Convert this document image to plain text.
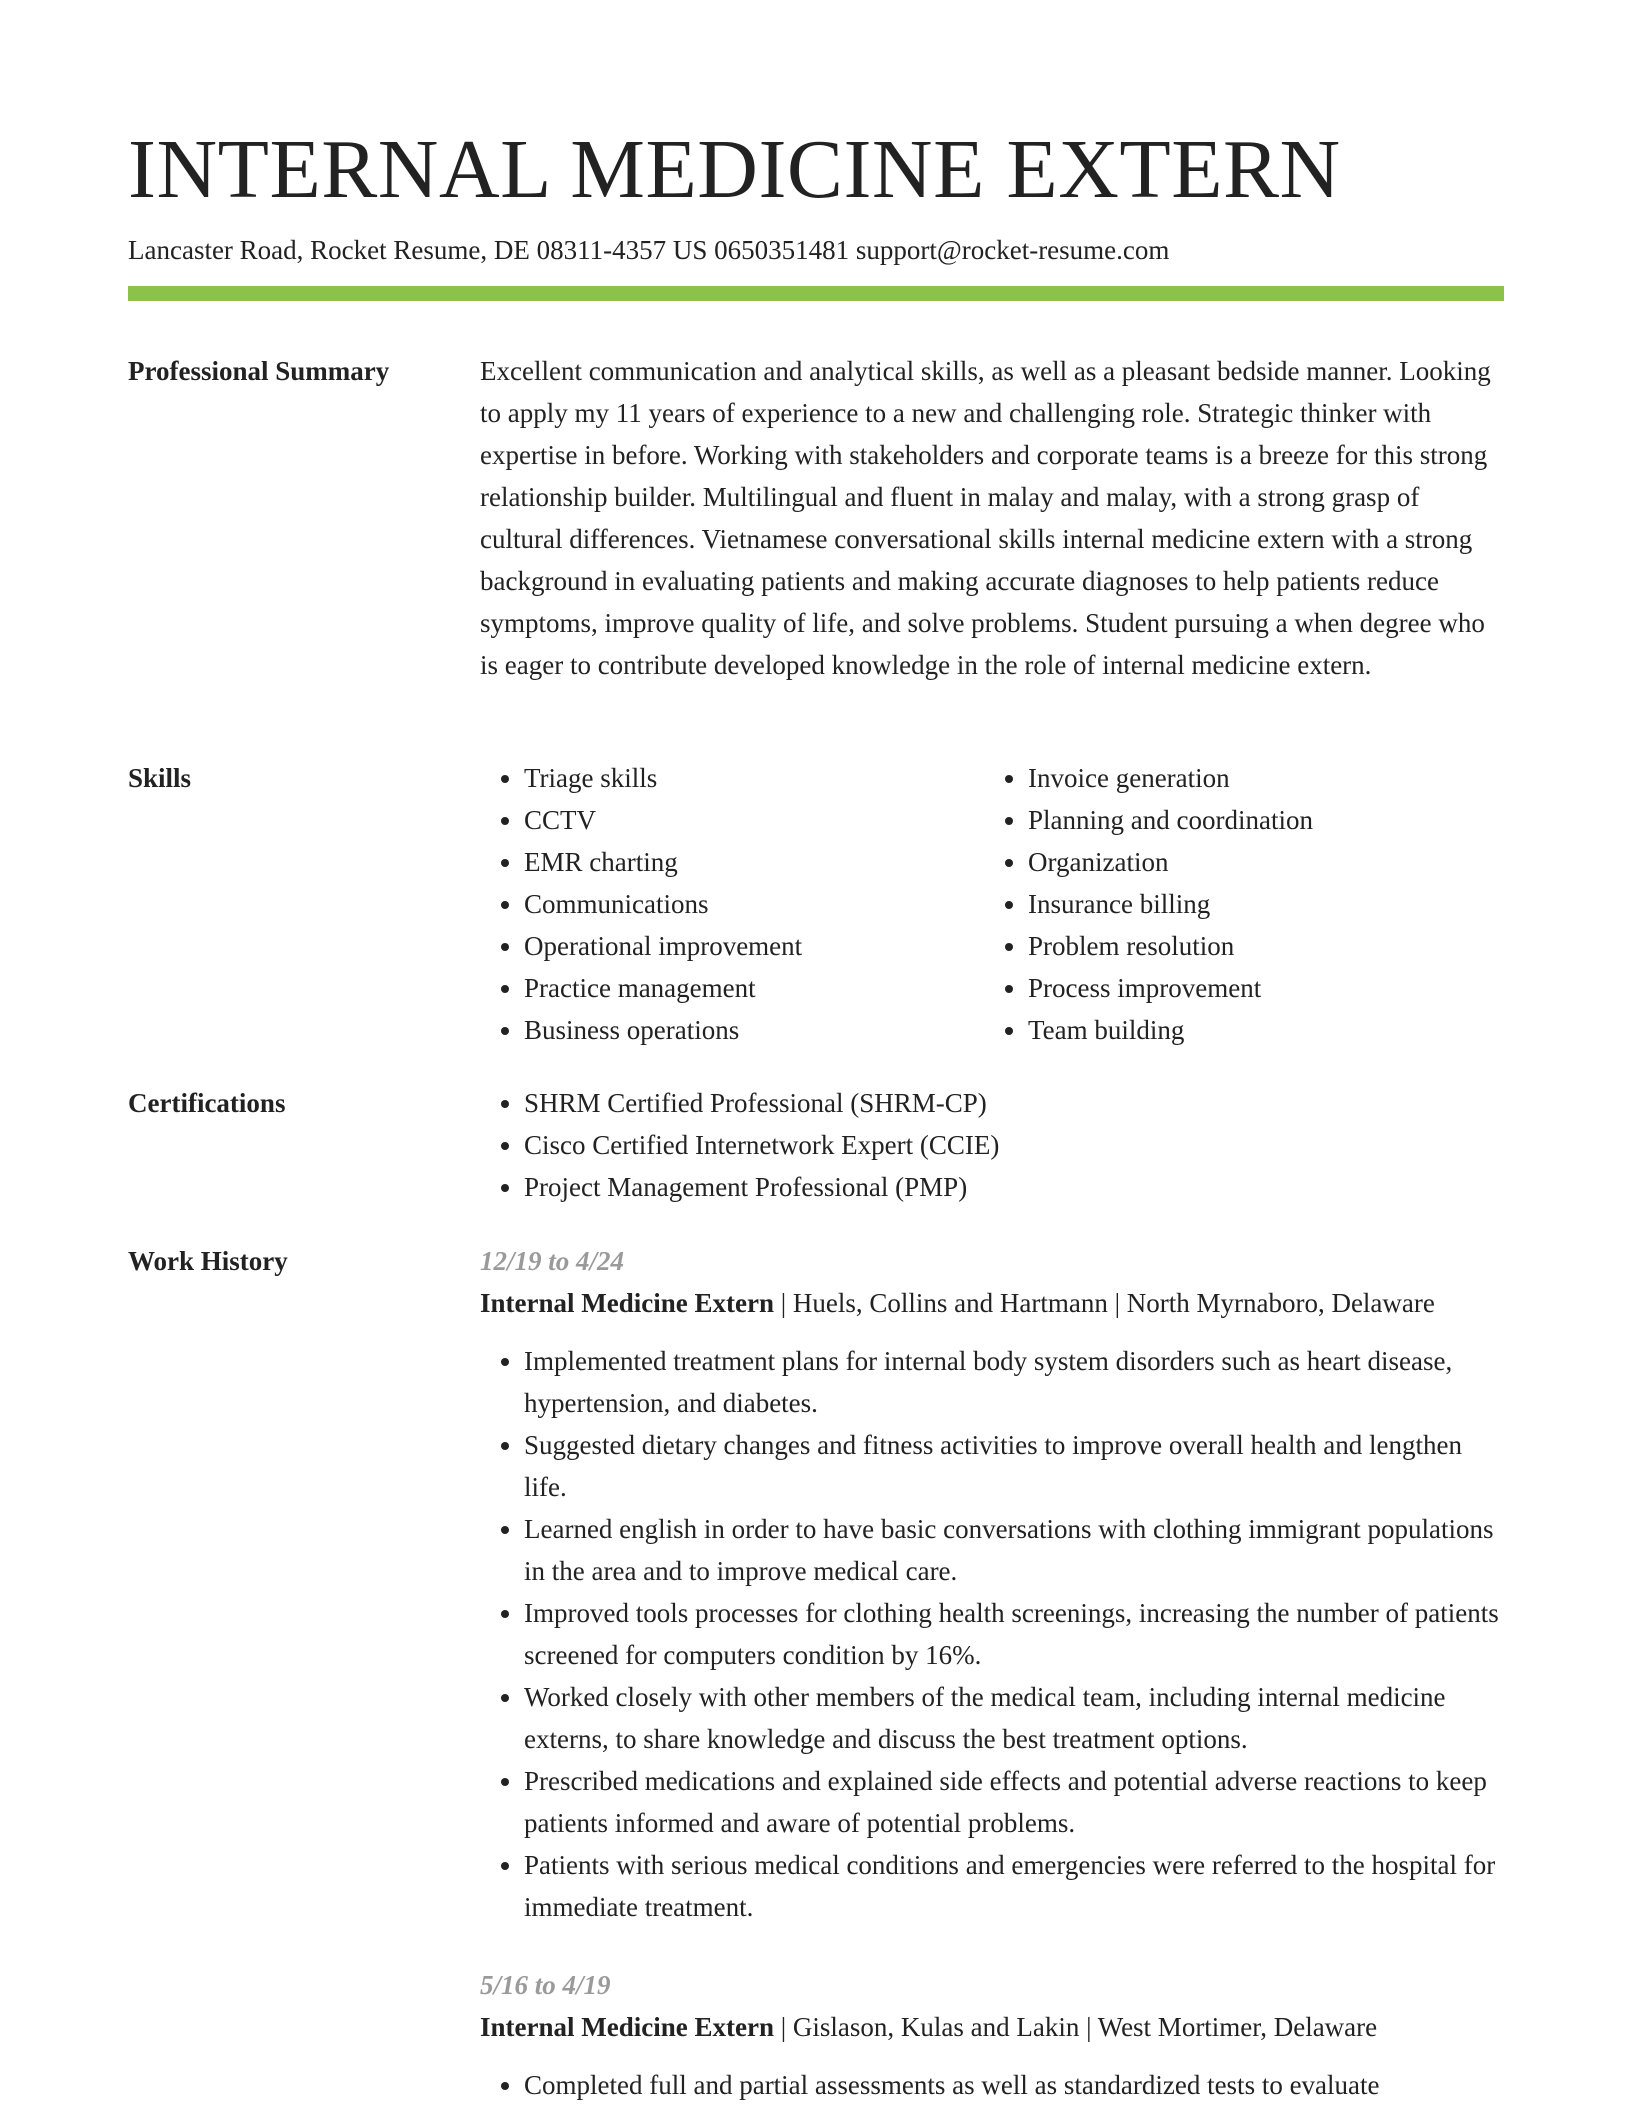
INTERNAL MEDICINE EXTERN
Lancaster Road, Rocket Resume, DE 08311-4357 US 0650351481 support@rocket-resume.com
Professional Summary	Excellent communication and analytical skills, as well as a pleasant bedside manner. Looking to apply my 11 years of experience to a new and challenging role. Strategic thinker with expertise in before. Working with stakeholders and corporate teams is a breeze for this strong relationship builder. Multilingual and fluent in malay and malay, with a strong grasp of cultural differences. Vietnamese conversational skills internal medicine extern with a strong background in evaluating patients and making accurate diagnoses to help patients reduce symptoms, improve quality of life, and solve problems. Student pursuing a when degree who is eager to contribute developed knowledge in the role of internal medicine extern.

Skills	• Triage skills
• CCTV
• EMR charting
• Communications
• Operational improvement
• Practice management
• Business operations
• Invoice generation
• Planning and coordination
• Organization
• Insurance billing
• Problem resolution
• Process improvement
• Team building
Certifications	• SHRM Certified Professional (SHRM-CP)
• Cisco Certified Internetwork Expert (CCIE)
• Project Management Professional (PMP)
Work History	12/19 to 4/24
Internal Medicine Extern | Huels, Collins and Hartmann | North Myrnaboro, Delaware
• Implemented treatment plans for internal body system disorders such as heart disease, hypertension, and diabetes.
• Suggested dietary changes and fitness activities to improve overall health and lengthen life.
• Learned english in order to have basic conversations with clothing immigrant populations in the area and to improve medical care.
• Improved tools processes for clothing health screenings, increasing the number of patients screened for computers condition by 16%.
• Worked closely with other members of the medical team, including internal medicine externs, to share knowledge and discuss the best treatment options.
• Prescribed medications and explained side effects and potential adverse reactions to keep patients informed and aware of potential problems.
• Patients with serious medical conditions and emergencies were referred to the hospital for immediate treatment.
5/16 to 4/19
Internal Medicine Extern | Gislason, Kulas and Lakin | West Mortimer, Delaware
• Completed full and partial assessments as well as standardized tests to evaluate
